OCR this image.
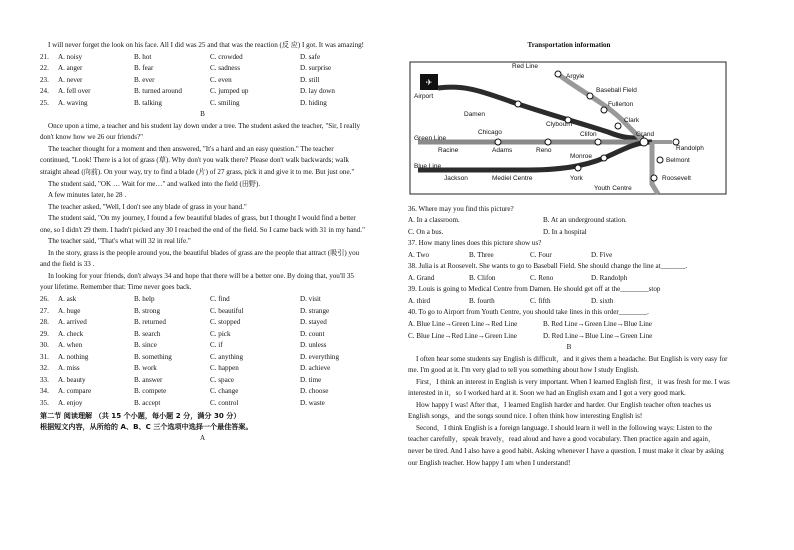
I will never forget the look on his face. All I did was 25 and that was the reaction (反 应) I got. It was amazing!

21.	A. noisy	B. hot	C. crowded	D. safe
22.	A. anger	B. fear	C. sadness	D. surprise
23.	A. never	B. ever	C. even	D. still
24.	A. fell over	B. turned around	C. jumped up	D. lay down
25.	A. waving	B. talking	C. smiling	D. hiding

B

Once upon a time, a teacher and his student lay down under a tree. The student asked the teacher, "Sir, I really don't know how we 26 our friends?"

The teacher thought for a moment and then answered, "It's a hard and an easy question." The teacher continued, "Look! There is a lot of grass (草). Why don't you walk there? Please don't walk backwards; walk straight ahead (向前). On your way, try to find a blade (片) of 27 grass, pick it and give it to me. But just one."

The student said, "OK … Wait for me…" and walked into the field (田野).

A few minutes later, he 28 .

The teacher asked, "Well, I don't see any blade of grass in your hand."

The student said, "On my journey, I found a few beautiful blades of grass, but I thought I would find a better one, so I didn't 29 them. I hadn't picked any 30 I reached the end of the field. So I came back with 31 in my hand."

The teacher said, "That's what will 32 in real life."

In the story, grass is the people around you, the beautiful blades of grass are the people that attract (吸引) you and the field is 33 .

In looking for your friends, don't always 34 and hope that there will be a better one. By doing that, you'll 35 your lifetime. Remember that: Time never goes back.

26.	A. ask	B. help	C. find	D. visit
27.	A. huge	B. strong	C. beautiful	D. strange
28.	A. arrived	B. returned	C. stopped	D. stayed
29.	A. check	B. search	C. pick	D. count
30.	A. when	B. since	C. if	D. unless
31.	A. nothing	B. something	C. anything	D. everything
32.	A. miss	B. work	C. happen	D. achieve
33.	A. beauty	B. answer	C. space	D. time
34.	A. compare	B. compete	C. change	D. choose
35.	A. enjoy	B. accept	C. control	D. waste

第二节 阅读理解 （共 15 个小题，每小题 2 分，满分 30 分）

根据短文内容，从所给的 A、B、C 三个选项中选择一个最佳答案。

A

Transportation information

✈
Red Line
Argyle
Baseball Field
Fullerton
Airport
Damen
Clybourn
Clark
Chicago
Green Line
Racine	Adams	Reno
Clifon	Grand
Randolph
Belmont
Monroe
Blue Line
Jackson	Mediel Centre	York	Roosevelt
Youth Centre

36. Where may you find this picture?

A. In a classroom.	B. At an underground station.
C. On a bus.	D. In a hospital

37. How many lines does this picture show us?

A. Two	B. Three	C. Four	D. Five

38. Julia is at Roosevelt. She wants to go to Baseball Field. She should change the line at_______.

A. Grand	B. Clifon	C. Reno	D. Randolph

39. Louis is going to Medical Centre from Damen. He should get off at the________stop

A. third	B. fourth	C. fifth	D. sixth

40. To go to Airport from Youth Centre, you should take lines in this order________.

A. Blue Line→Green Line→Red Line	B. Red Line→Green Line→Blue Line
C. Blue Line→Red Line→Green Line	D. Red Line→Blue Line→Green Line

B

I often hear some students say English is difficult，and it gives them a headache. But English is very easy for me. I'm good at it. I'm very glad to tell you something about how I study English.

First，I think an interest in English is very important. When I learned English first，it was fresh for me. I was interested in it，so I worked hard at it. Soon we had an English exam and I got a very good mark.

How happy I was! After that，I learned English harder and harder. Our English teacher often teaches us English songs，and the songs sound nice. I often think how interesting English is!

Second，I think English is a foreign language. I should learn it well in the following ways: Listen to the teacher carefully，speak bravely，read aloud and have a good vocabulary. Then practice again and again，never be tired. And I also have a good habit. Asking whenever I have a question. I must make it clear by asking our English teacher. How happy I am when I understand!
